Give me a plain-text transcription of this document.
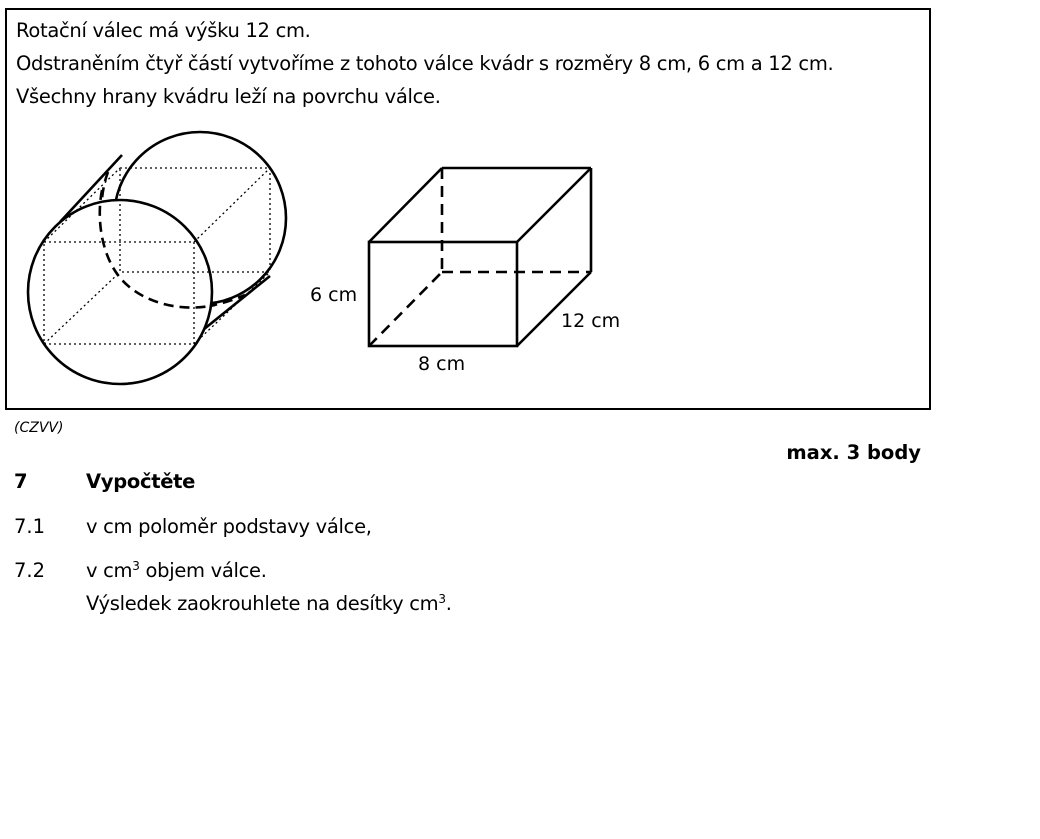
Rotační válec má výšku 12 cm.
Odstraněním čtyř částí vytvoříme z tohoto válce kvádr s rozměry 8 cm, 6 cm a 12 cm.
Všechny hrany kvádru leží na povrchu válce.
6 cm
8 cm
12 cm
(CZVV)
max. 3 body
7	Vypočtěte
7.1 v cm poloměr podstavy válce,
7.2 v $cm^3$ objem válce.
Výsledek zaokrouhlete na desítky $cm^3$.
